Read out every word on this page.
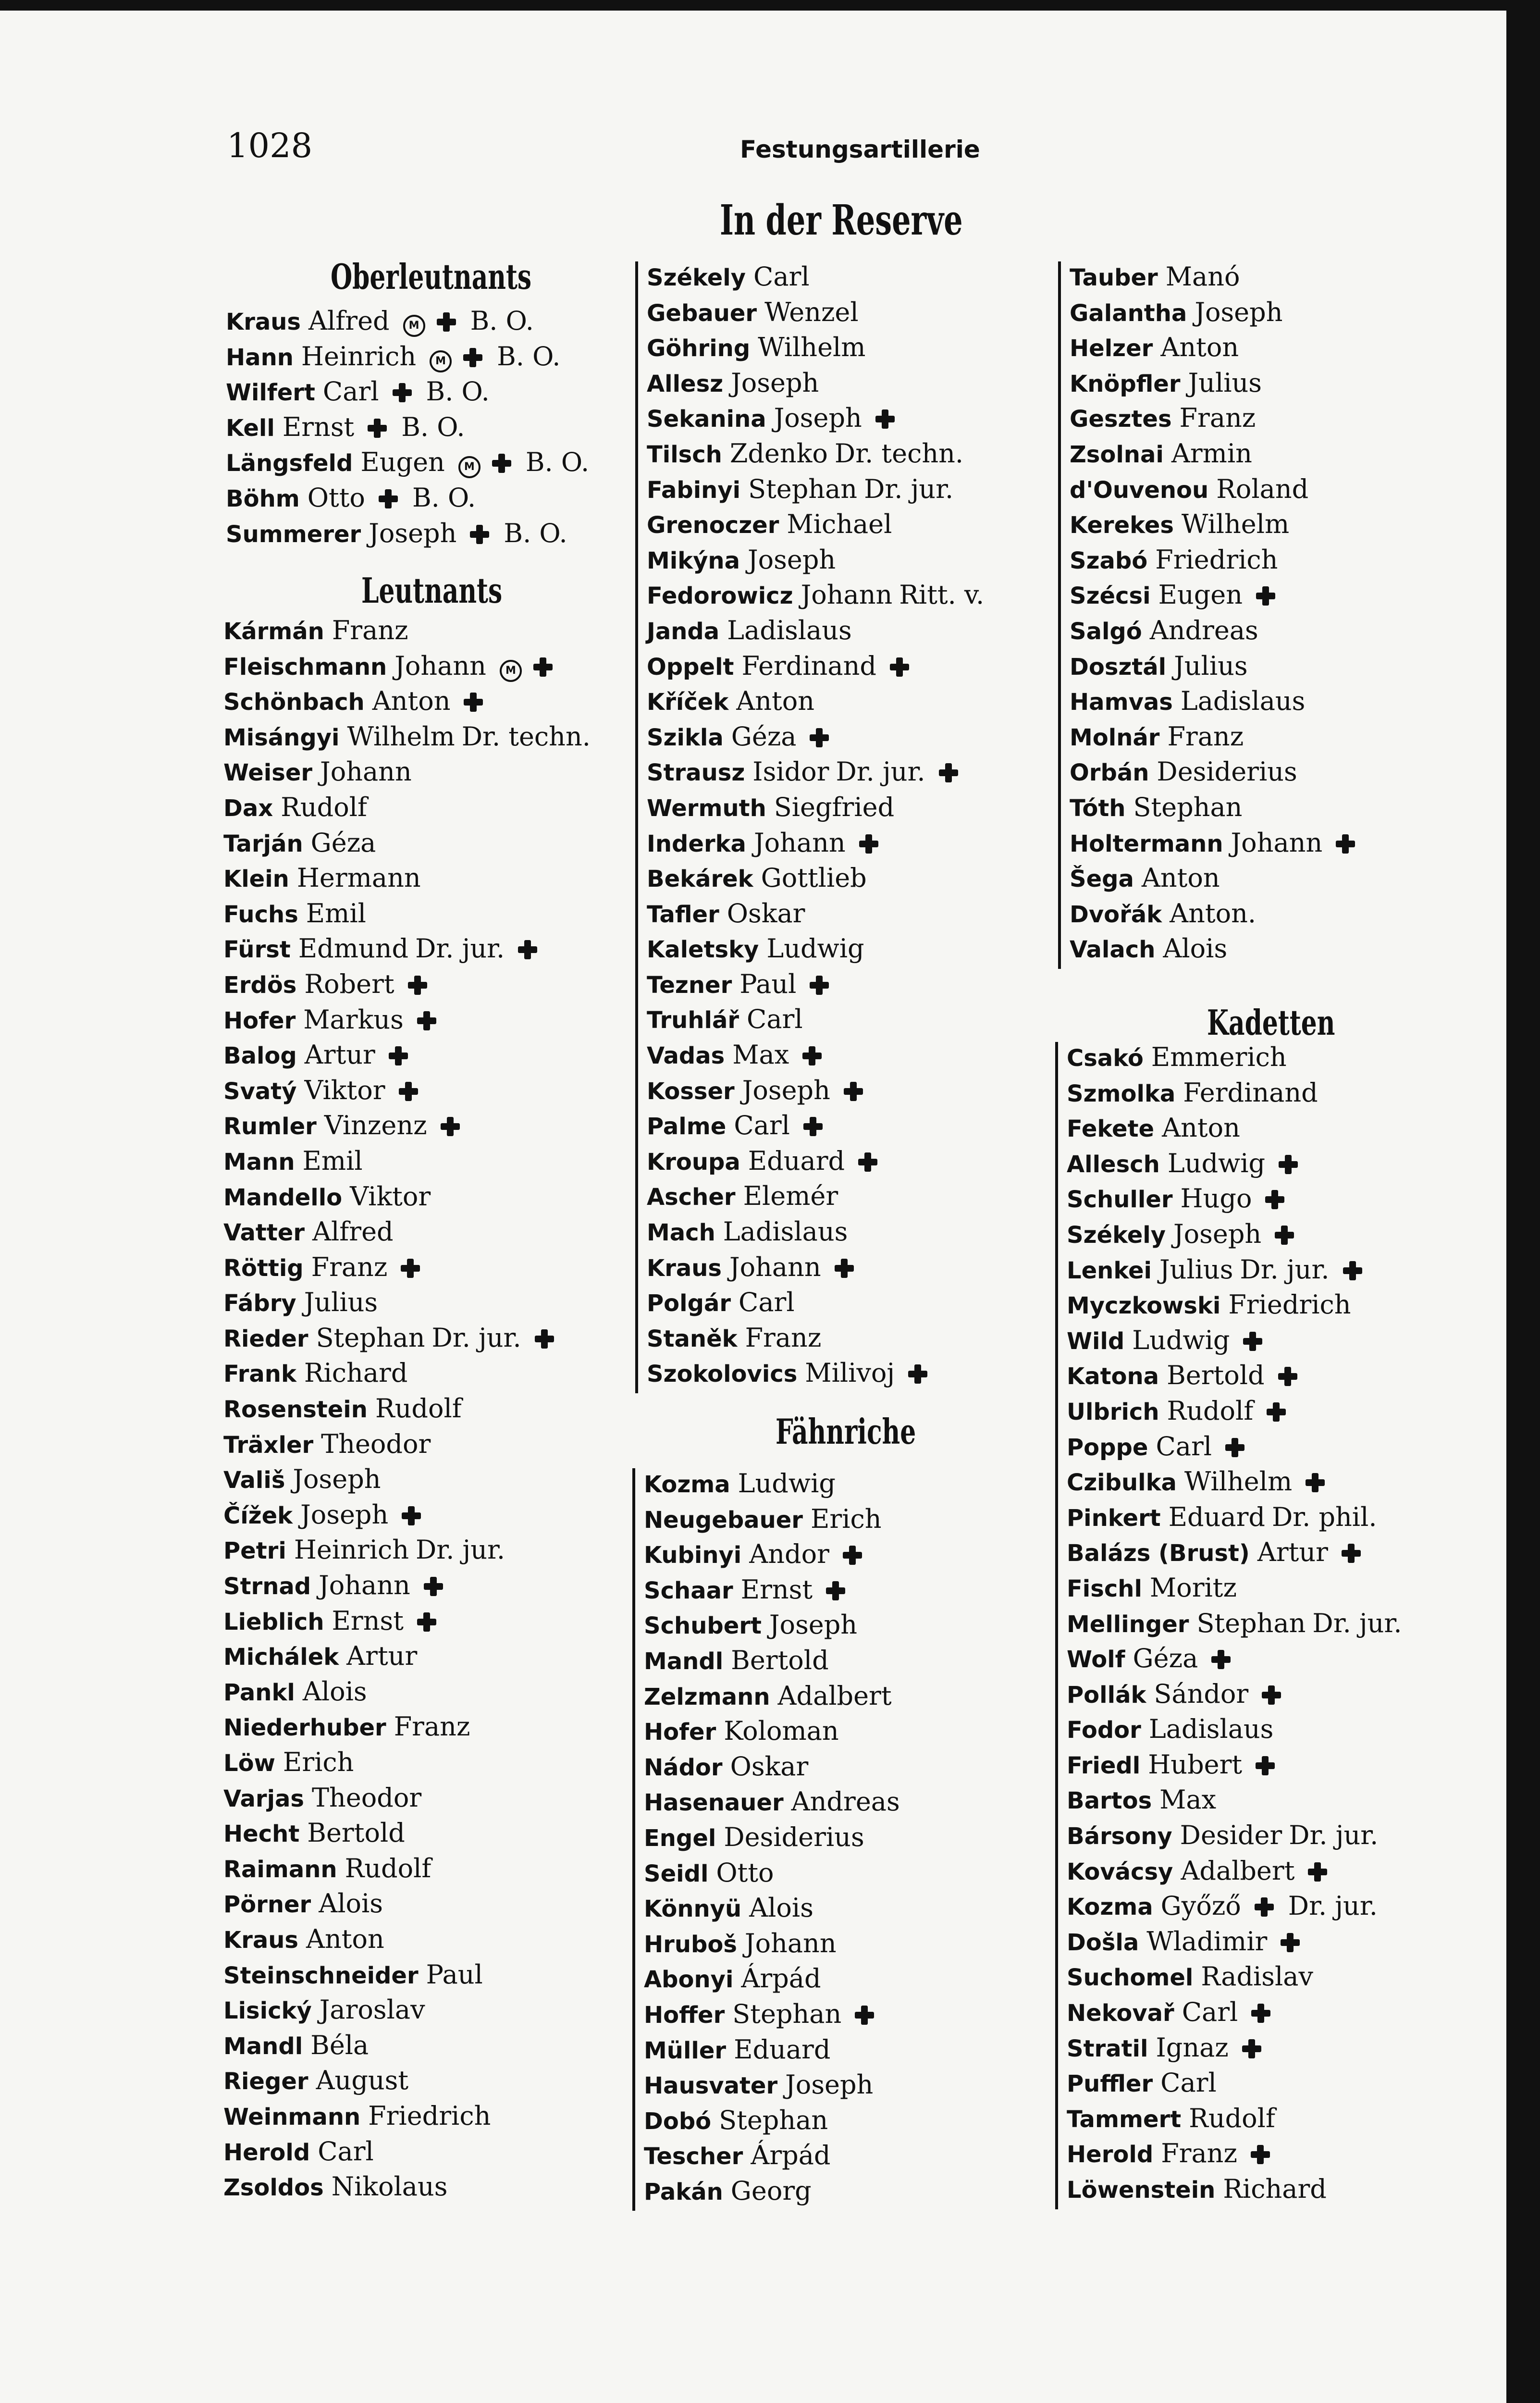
1028	Festungsartillerie
In der Reserve
Oberleutnants
Kraus Alfred	M B. O.
Hann Heinrich	M B. O.
Wilfert Carl B. O.
Kell Ernst B. O.
Längsfeld Eugen	M B. O.
Böhm Otto B. O.
Summerer Joseph B. O.
Leutnants
Kármán Franz
Fleischmann Johann	M
Schönbach Anton
Misángyi Wilhelm Dr. techn.
Weiser Johann
Dax Rudolf
Tarján Géza
Klein Hermann
Fuchs Emil
Fürst Edmund Dr. jur.
Erdös Robert
Hofer Markus
Balog Artur
Svatý Viktor
Rumler Vinzenz
Mann Emil
Mandello Viktor
Vatter Alfred
Röttig Franz
Fábry Julius
Rieder Stephan Dr. jur.
Frank Richard
Rosenstein Rudolf
Träxler Theodor
Vališ Joseph
Čížek Joseph
Petri Heinrich Dr. jur.
Strnad Johann
Lieblich Ernst
Michálek Artur
Pankl Alois
Niederhuber Franz
Löw Erich
Varjas Theodor
Hecht Bertold
Raimann Rudolf
Pörner Alois
Kraus Anton
Steinschneider Paul
Lisický Jaroslav
Mandl Béla
Rieger August
Weinmann Friedrich
Herold Carl
Zsoldos Nikolaus
Székely Carl
Gebauer Wenzel
Göhring Wilhelm
Allesz Joseph
Sekanina Joseph
Tilsch Zdenko Dr. techn.
Fabinyi Stephan Dr. jur.
Grenoczer Michael
Mikýna Joseph
Fedorowicz Johann Ritt. v.
Janda Ladislaus
Oppelt Ferdinand
Kříček Anton
Szikla Géza
Strausz Isidor Dr. jur.
Wermuth Siegfried
Inderka Johann
Bekárek Gottlieb
Tafler Oskar
Kaletsky Ludwig
Tezner Paul
Truhlář Carl
Vadas Max
Kosser Joseph
Palme Carl
Kroupa Eduard
Ascher Elemér
Mach Ladislaus
Kraus Johann
Polgár Carl
Staněk Franz
Szokolovics Milivoj
Fähnriche
Kozma Ludwig
Neugebauer Erich
Kubinyi Andor
Schaar Ernst
Schubert Joseph
Mandl Bertold
Zelzmann Adalbert
Hofer Koloman
Nádor Oskar
Hasenauer Andreas
Engel Desiderius
Seidl Otto
Könnyü Alois
Hruboš Johann
Abonyi Árpád
Hoffer Stephan
Müller Eduard
Hausvater Joseph
Dobó Stephan
Tescher Árpád
Pakán Georg
Tauber Manó
Galantha Joseph
Helzer Anton
Knöpfler Julius
Gesztes Franz
Zsolnai Armin
d'Ouvenou Roland
Kerekes Wilhelm
Szabó Friedrich
Szécsi Eugen
Salgó Andreas
Dosztál Julius
Hamvas Ladislaus
Molnár Franz
Orbán Desiderius
Tóth Stephan
Holtermann Johann
Šega Anton
Dvořák Anton.
Valach Alois
Kadetten
Csakó Emmerich
Szmolka Ferdinand
Fekete Anton
Allesch Ludwig
Schuller Hugo
Székely Joseph
Lenkei Julius Dr. jur.
Myczkowski Friedrich
Wild Ludwig
Katona Bertold
Ulbrich Rudolf
Poppe Carl
Czibulka Wilhelm
Pinkert Eduard Dr. phil.
Balázs (Brust) Artur
Fischl Moritz
Mellinger Stephan Dr. jur.
Wolf Géza
Pollák Sándor
Fodor Ladislaus
Friedl Hubert
Bartos Max
Bársony Desider Dr. jur.
Kovácsy Adalbert
Kozma Győző Dr. jur.
Došla Wladimir
Suchomel Radislav
Nekovař Carl
Stratil Ignaz
Puffler Carl
Tammert Rudolf
Herold Franz
Löwenstein Richard
